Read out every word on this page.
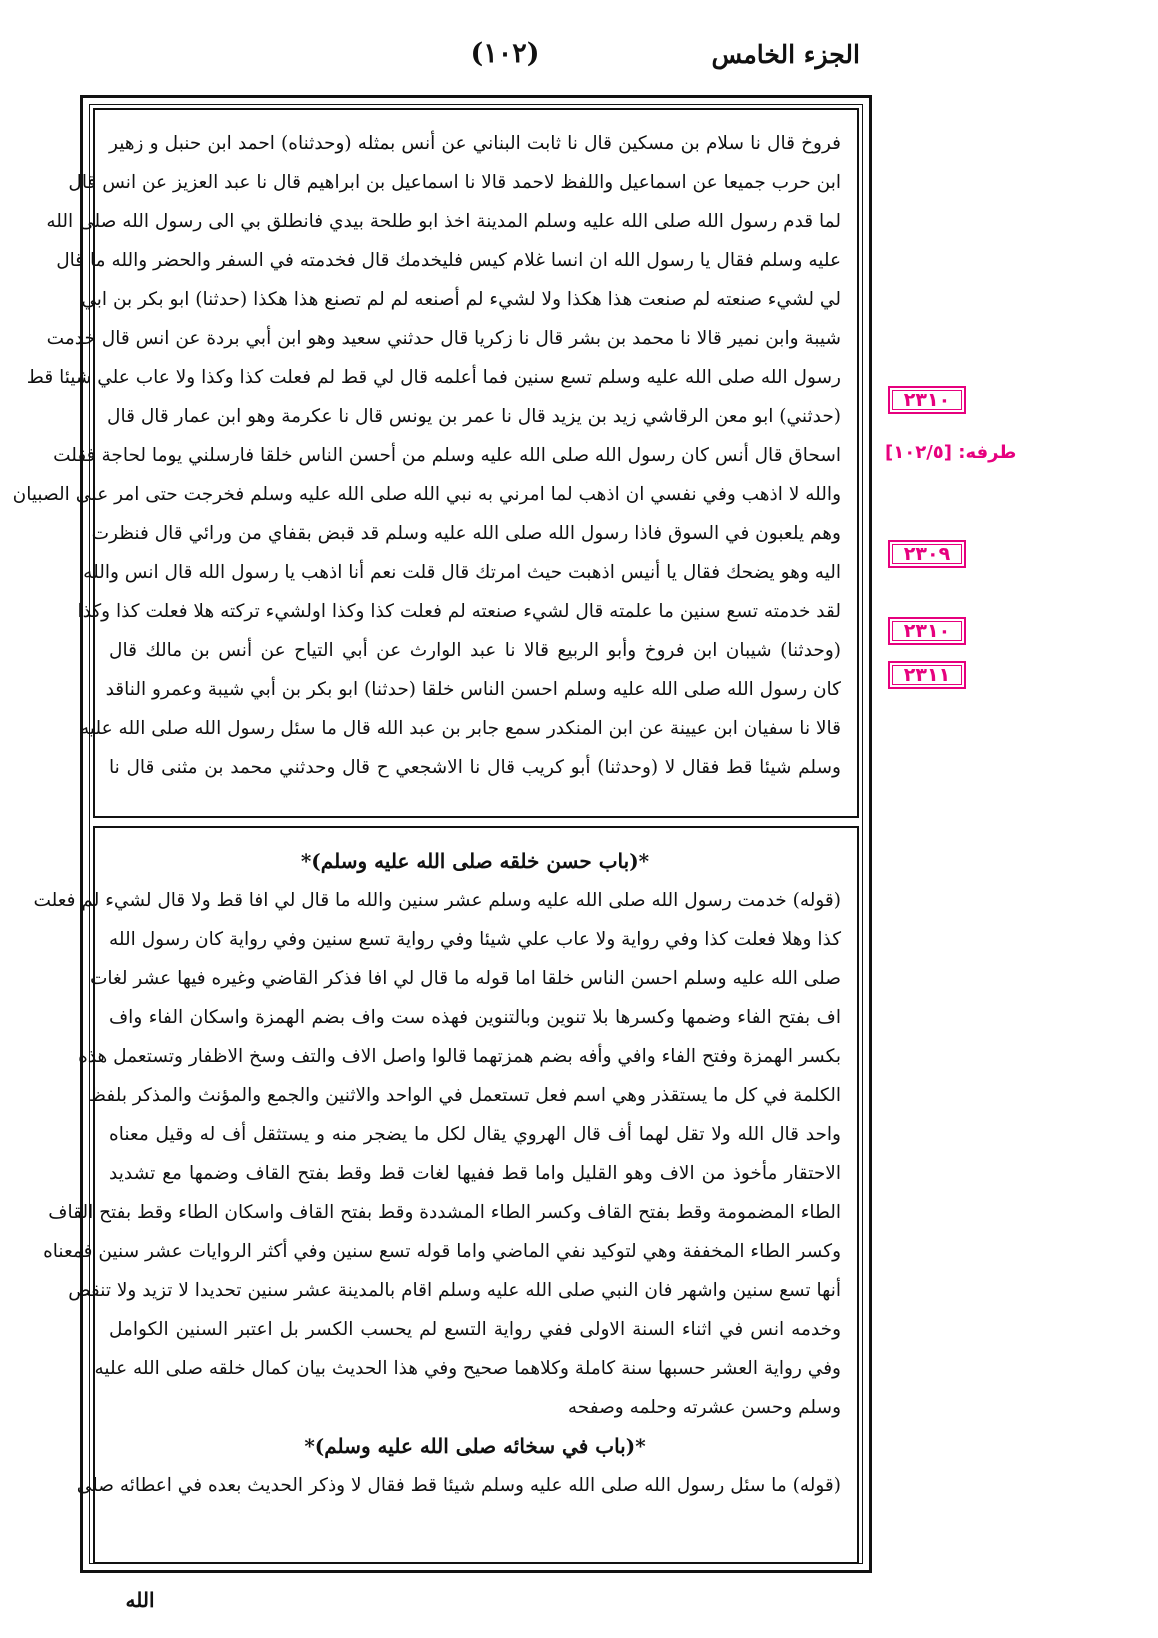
الجزء الخامس
(١٠٢)
فروخ قال نا سلام بن مسكين قال نا ثابت البناني عن أنس بمثله (وحدثناه) احمد ابن حنبل و زهير
ابن حرب جميعا عن اسماعيل واللفظ لاحمد قالا نا اسماعيل بن ابراهيم قال نا عبد العزيز عن انس قال
لما قدم رسول الله صلى الله عليه وسلم المدينة اخذ ابو طلحة بيدي فانطلق بي الى رسول الله صلى الله
عليه وسلم فقال يا رسول الله ان انسا غلام كيس فليخدمك قال فخدمته في السفر والحضر والله ما قال
لي لشيء صنعته لم صنعت هذا هكذا ولا لشيء لم أصنعه لم لم تصنع هذا هكذا (حدثنا) ابو بكر بن ابي
شيبة وابن نمير قالا نا محمد بن بشر قال نا زكريا قال حدثني سعيد وهو ابن أبي بردة عن انس قال خدمت
رسول الله صلى الله عليه وسلم تسع سنين فما أعلمه قال لي قط لم فعلت كذا وكذا ولا عاب علي شيئا قط
(حدثني) ابو معن الرقاشي زيد بن يزيد قال نا عمر بن يونس قال نا عكرمة وهو ابن عمار قال قال
اسحاق قال أنس كان رسول الله صلى الله عليه وسلم من أحسن الناس خلقا فارسلني يوما لحاجة فقلت
والله لا اذهب وفي نفسي ان اذهب لما امرني به نبي الله صلى الله عليه وسلم فخرجت حتى امر على الصبيان
وهم يلعبون في السوق فاذا رسول الله صلى الله عليه وسلم قد قبض بقفاي من ورائي قال فنظرت
اليه وهو يضحك فقال يا أنيس اذهبت حيث امرتك قال قلت نعم أنا اذهب يا رسول الله قال انس والله
لقد خدمته تسع سنين ما علمته قال لشيء صنعته لم فعلت كذا وكذا اولشيء تركته هلا فعلت كذا وكذا
(وحدثنا) شيبان ابن فروخ وأبو الربيع قالا نا عبد الوارث عن أبي التياح عن أنس بن مالك قال
كان رسول الله صلى الله عليه وسلم احسن الناس خلقا (حدثنا) ابو بكر بن أبي شيبة وعمرو الناقد
قالا نا سفيان ابن عيينة عن ابن المنكدر سمع جابر بن عبد الله قال ما سئل رسول الله صلى الله عليه
وسلم شيئا قط فقال لا (وحدثنا) أبو كريب قال نا الاشجعي ح قال وحدثني محمد بن مثنى قال نا
*(باب حسن خلقه صلى الله عليه وسلم)*
(قوله) خدمت رسول الله صلى الله عليه وسلم عشر سنين والله ما قال لي افا قط ولا قال لشيء لم فعلت
كذا وهلا فعلت كذا وفي رواية ولا عاب علي شيئا وفي رواية تسع سنين وفي رواية كان رسول الله
صلى الله عليه وسلم احسن الناس خلقا اما قوله ما قال لي افا فذكر القاضي وغيره فيها عشر لغات
اف بفتح الفاء وضمها وكسرها بلا تنوين وبالتنوين فهذه ست واف بضم الهمزة واسكان الفاء واف
بكسر الهمزة وفتح الفاء وافي وأفه بضم همزتهما قالوا واصل الاف والتف وسخ الاظفار وتستعمل هذه
الكلمة في كل ما يستقذر وهي اسم فعل تستعمل في الواحد والاثنين والجمع والمؤنث والمذكر بلفظ
واحد قال الله ولا تقل لهما أف قال الهروي يقال لكل ما يضجر منه و يستثقل أف له وقيل معناه
الاحتقار مأخوذ من الاف وهو القليل واما قط ففيها لغات قط وقط بفتح القاف وضمها مع تشديد
الطاء المضمومة وقط بفتح القاف وكسر الطاء المشددة وقط بفتح القاف واسكان الطاء وقط بفتح القاف
وكسر الطاء المخففة وهي لتوكيد نفي الماضي واما قوله تسع سنين وفي أكثر الروايات عشر سنين فمعناه
أنها تسع سنين واشهر فان النبي صلى الله عليه وسلم اقام بالمدينة عشر سنين تحديدا لا تزيد ولا تنقص
وخدمه انس في اثناء السنة الاولى ففي رواية التسع لم يحسب الكسر بل اعتبر السنين الكوامل
وفي رواية العشر حسبها سنة كاملة وكلاهما صحيح وفي هذا الحديث بيان كمال خلقه صلى الله عليه
وسلم وحسن عشرته وحلمه وصفحه
*(باب في سخائه صلى الله عليه وسلم)*
(قوله) ما سئل رسول الله صلى الله عليه وسلم شيئا قط فقال لا وذكر الحديث بعده في اعطائه صلى
٢٣١٠
طرفه: [١٠٢/٥]
٢٣٠٩
٢٣١٠
٢٣١١
الله
